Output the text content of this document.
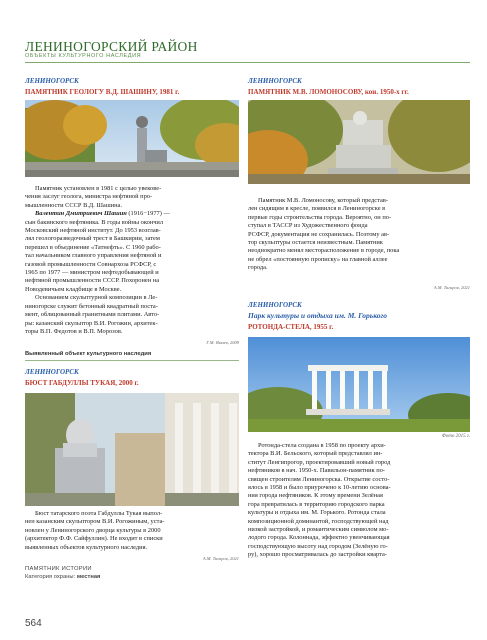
ЛЕНИНОГОРСКИЙ РАЙОН
ОБЪЕКТЫ КУЛЬТУРНОГО НАСЛЕДИЯ
ЛЕНИНОГОРСК
ПАМЯТНИК ГЕОЛОГУ В.Д. ШАШИНУ, 1981 г.
Памятник установлен в 1981 с целью увекове-
чения заслуг геолога, министра нефтяной про-
мышленности СССР В.Д. Шашина.
Валентин Дмитриевич Шашин (1916−1977) —
сын бакинского нефтяника. В годы войны окончил
Московский нефтяной институт. До 1953 возглав-
лял геологоразведочный трест в Башкирии, затем
перешел в объединение «Татнефть». С 1960 рабо-
тал начальником главного управления нефтяной и
газовой промышленности Совнархоза РСФСР, с
1965 по 1977 — министром нефтедобывающей и
нефтяной промышленности СССР. Похоронен на
Новодевичьем кладбище в Москве.
Основанием скульптурной композиции в Ле-
ниногорске служит бетонный квадратный постa-
мент, облицованный гранитными плитами. Авто-
ры: казанский скульптор В.И. Рогожин, архитек-
торы В.П. Федотов и В.П. Морозов.
Г.М. Ямаев, 2009
Выявленный объект культурного наследия
ЛЕНИНОГОРСК
БЮСТ ГАБДУЛЛЫ ТУКАЯ, 2000 г.
Бюст татарского поэта Габдуллы Тукая выпол-
нен казанским скульптором В.И. Рогожиным, уста-
новлен у Лениногорского дворца культуры в 2000
(архитектор Ф.Ф. Сайфуллин). Не входит в списки
выявленных объектов культурного наследия.
А.М. Тагиров, 2021
ПАМЯТНИК ИСТОРИИ
Категория охраны: местная
564
ЛЕНИНОГОРСК
ПАМЯТНИК М.В. ЛОМОНОСОВУ, кон. 1950-х гг.
Памятник М.В. Ломоносову, который представ-
лен сидящим в кресле, появился в Лениногорске в
первые годы строительства города. Вероятно, он по-
ступал в ТАССР из Художественного фонда
РСФСР, документация не сохранилась. Поэтому ав-
тор скульптуры остается неизвестным. Памятник
неоднократно менял месторасположение в городе, пока
не обрел «постоянную прописку» на главной аллее
города.
А.М. Тагиров, 2021
ЛЕНИНОГОРСК
Парк культуры и отдыха им. М. Горького
РОТОНДА-СТЕЛА, 1955 г.
Фото 2015 г.
Ротонда-стела создана в 1958 по проекту архи-
тектора В.И. Бельского, который представлял ин-
ститут Ленгипрогор, проектировавший новый город
нефтяников в нач. 1950-х. Павильон-памятник по-
священ строителям Лениногорска. Открытие состо-
ялось в 1958 и было приурочено к 10-летию основа-
ния города нефтяников. К этому времени Зелёная
гора превратилась в территорию городского парка
культуры и отдыха им. М. Горького. Ротонда стала
композиционной доминантой, господствующей над
низкой застройкой, и романтическим символом мо-
лодого города. Колоннада, эффектно увенчивающая
господствующую высоту над городом (Зелёную го-
ру), хорошо просматривалась до застройки кварта-
